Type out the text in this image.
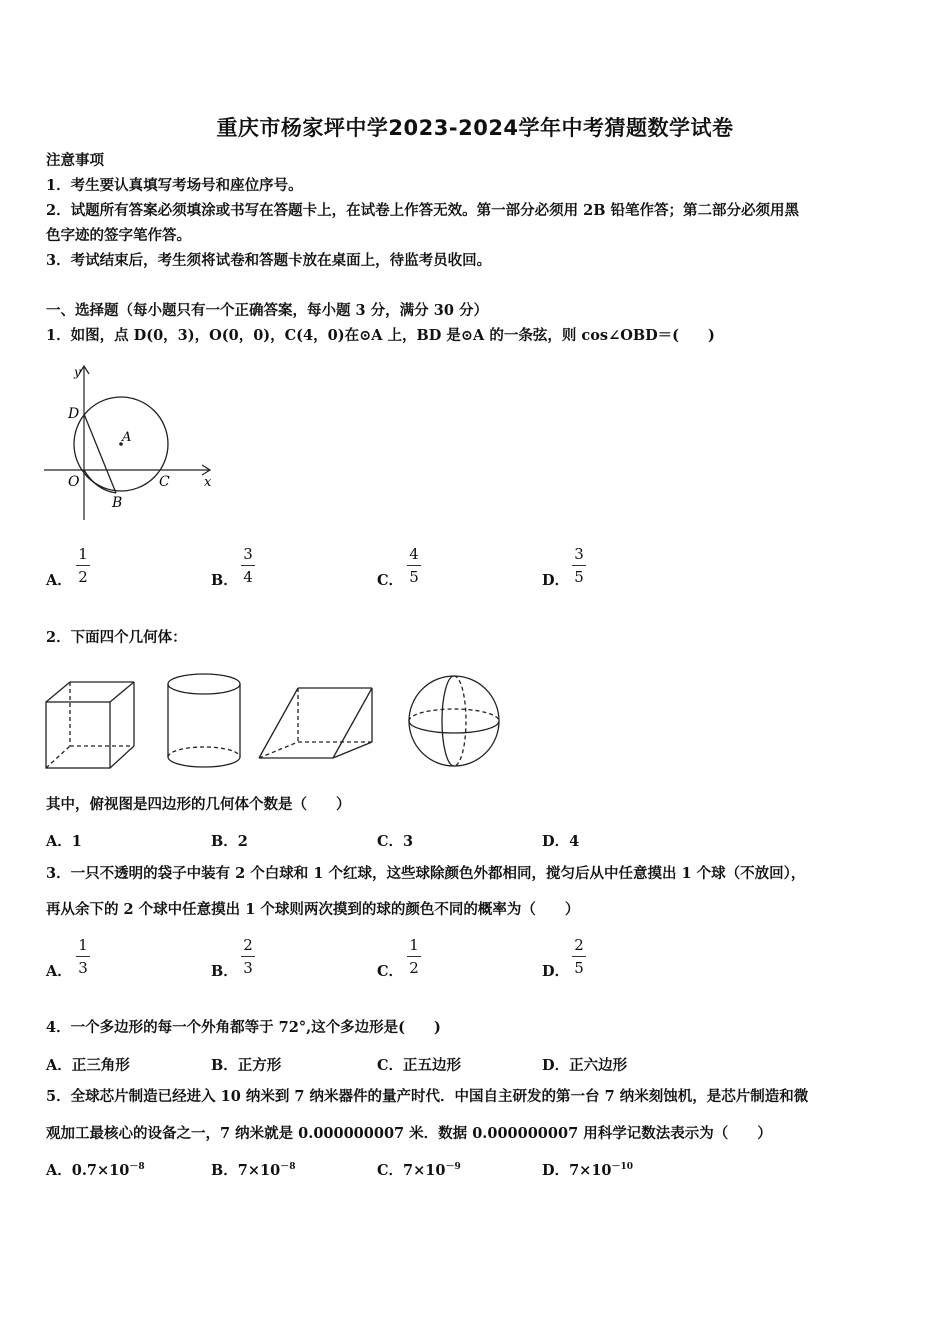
重庆市杨家坪中学2023-2024学年中考猜题数学试卷
注意事项
1．考生要认真填写考场号和座位序号。
2．试题所有答案必须填涂或书写在答题卡上，在试卷上作答无效。第一部分必须用 2B 铅笔作答；第二部分必须用黑
色字迹的签字笔作答。
3．考试结束后，考生须将试卷和答题卡放在桌面上，待监考员收回。
一、选择题（每小题只有一个正确答案，每小题 3 分，满分 30 分）
1．如图，点 D(0，3)，O(0，0)，C(4，0)在⊙A 上，BD 是⊙A 的一条弦，则 cos∠OBD＝(　　)
y
x
D
A
O	C
B
A．
1
2	B．
3
4	C．
4
5	D．
3
5
2．下面四个几何体：
其中，俯视图是四边形的几何体个数是（　　）
A．1	B．2	C．3	D．4
3．一只不透明的袋子中装有 2 个白球和 1 个红球，这些球除颜色外都相同，搅匀后从中任意摸出 1 个球（不放回），
再从余下的 2 个球中任意摸出 1 个球则两次摸到的球的颜色不同的概率为（　　）
A．
1
3	B．
2
3	C．
1
2	D．
2
5
4．一个多边形的每一个外角都等于 72°,这个多边形是(　　)
A．正三角形	B．正方形	C．正五边形	D．正六边形
5．全球芯片制造已经进入 10 纳米到 7 纳米器件的量产时代．中国自主研发的第一台 7 纳米刻蚀机，是芯片制造和微
观加工最核心的设备之一，7 纳米就是 0.000000007 米．数据 0.000000007 用科学记数法表示为（　　）
A．$0.7\times 10^{-8}$	B．$7\times 10^{-8}$	C．$7\times 10^{-9}$	D．$7\times 10^{-10}$
